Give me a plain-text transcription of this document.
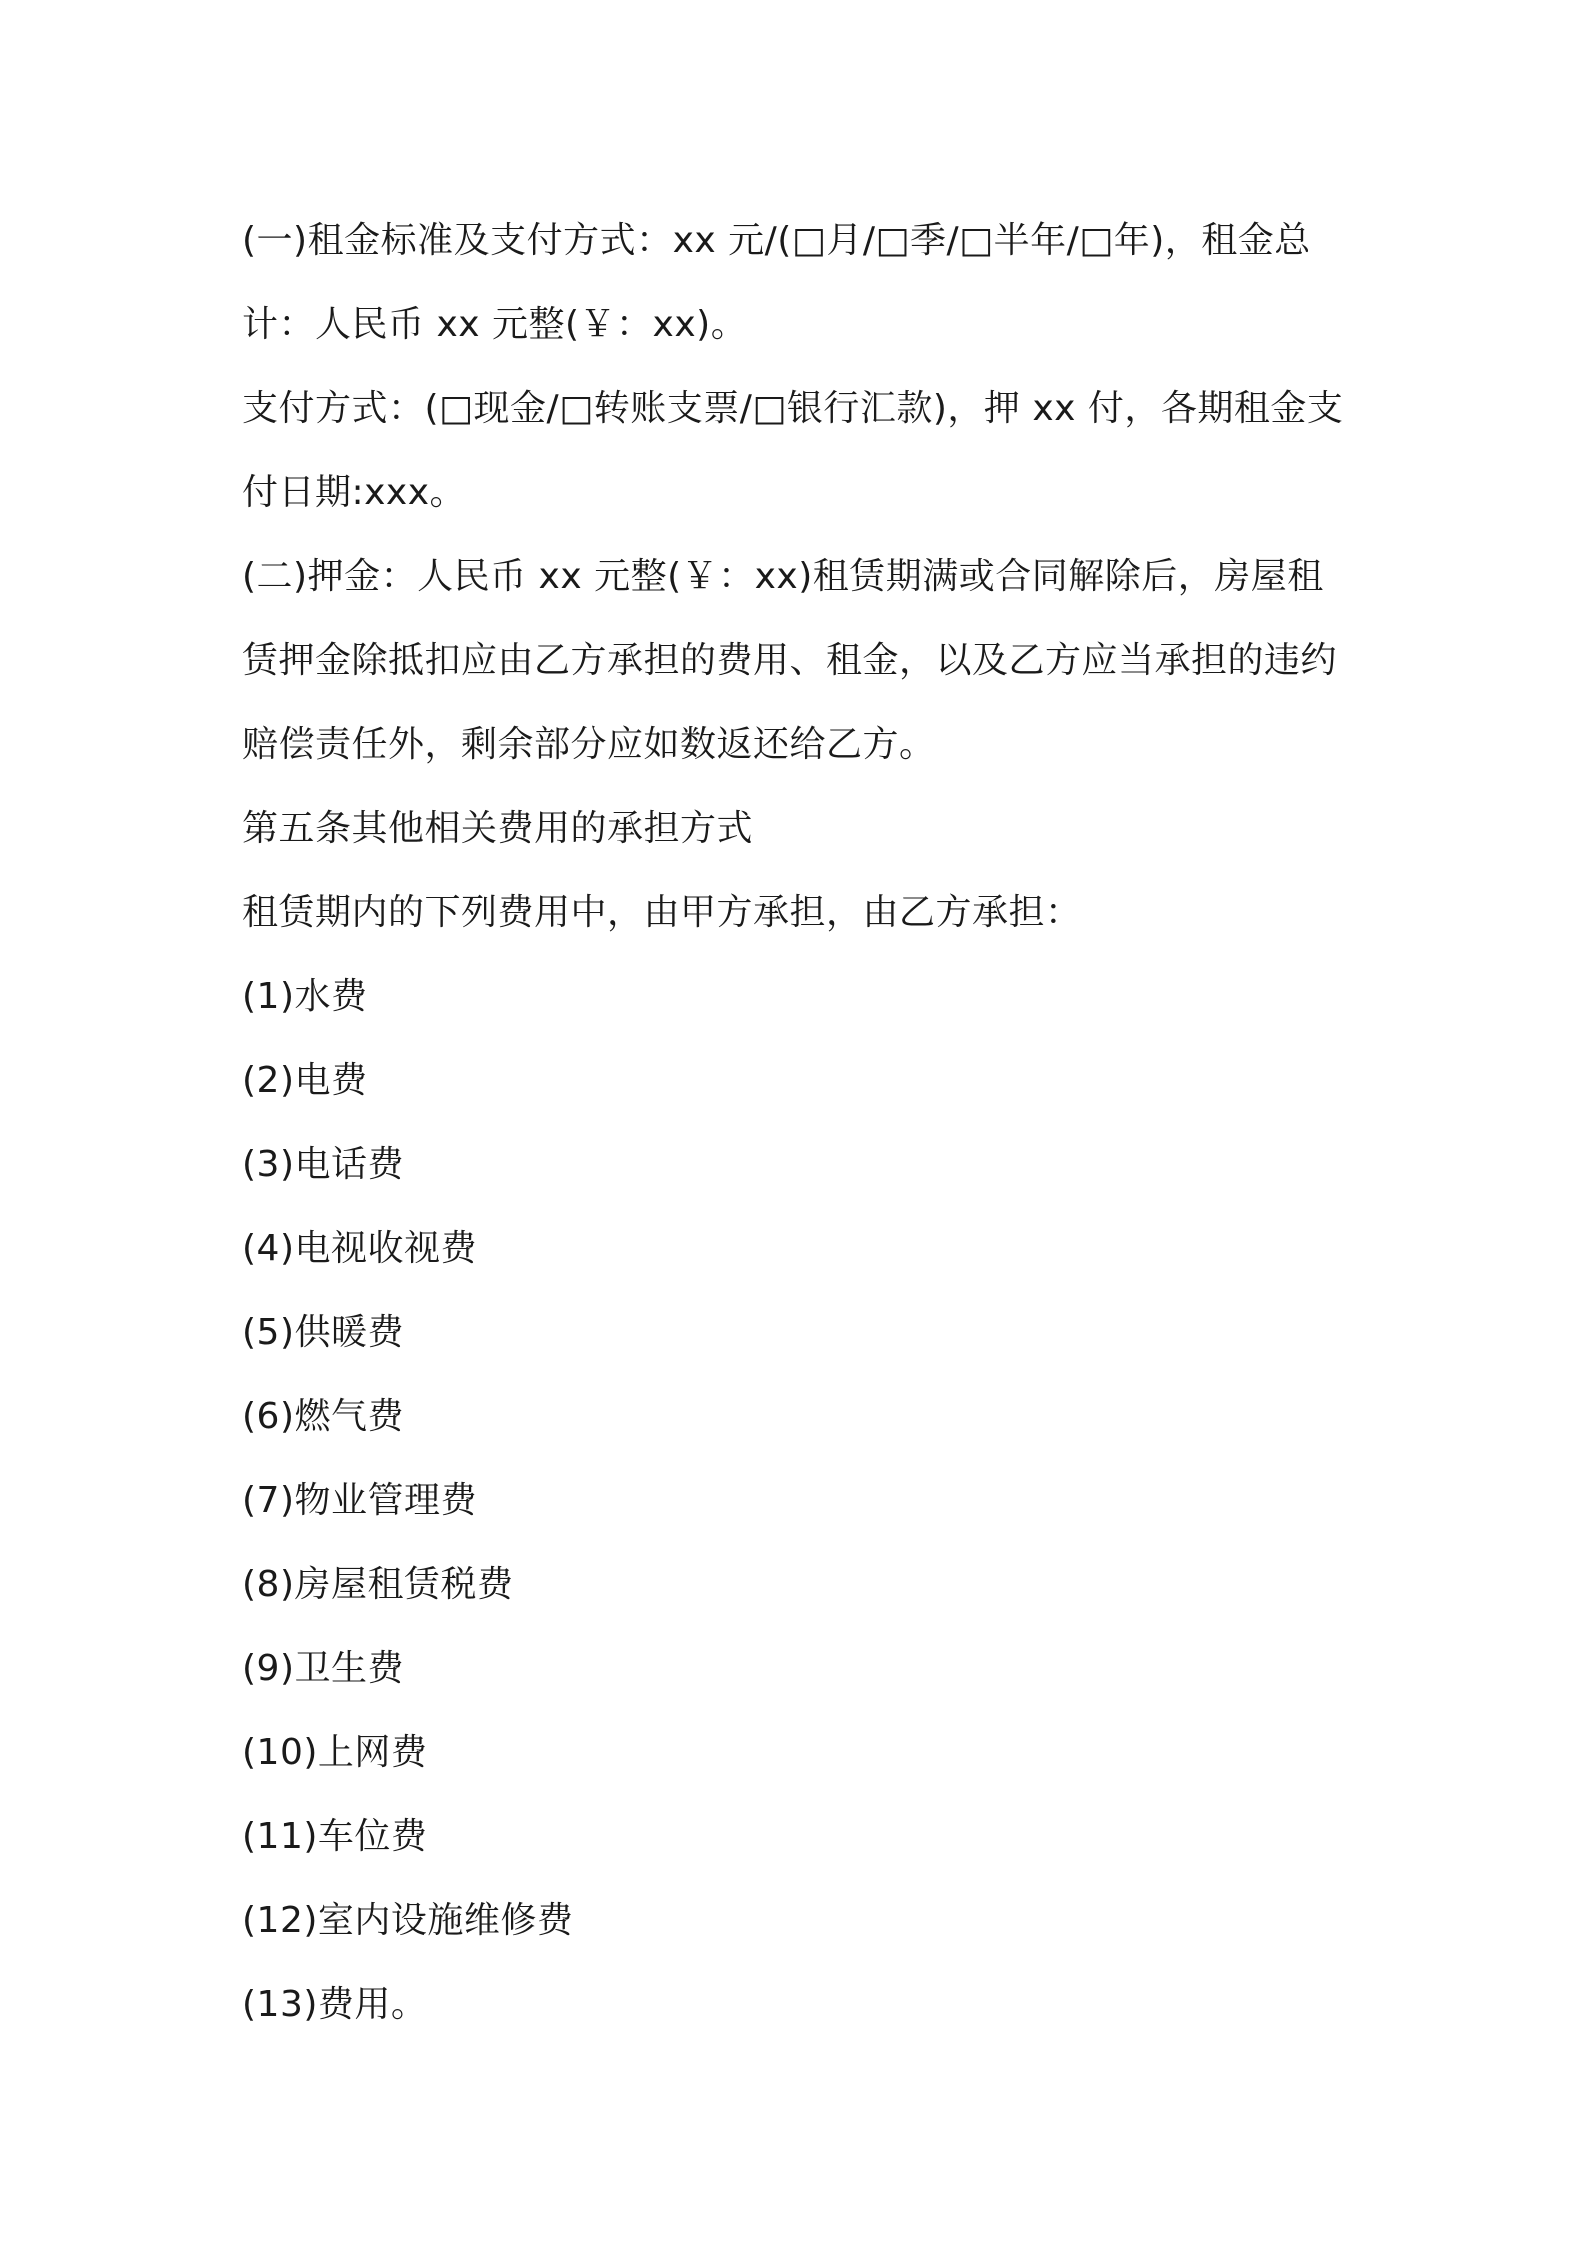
(一)租金标准及支付方式：xx 元/(□月/□季/□半年/□年)，租金总计：人民币 xx 元整(￥：xx)。

支付方式：(□现金/□转账支票/□银行汇款)，押 xx 付，各期租金支付日期:xxx。

(二)押金：人民币 xx 元整(￥：xx)租赁期满或合同解除后，房屋租赁押金除抵扣应由乙方承担的费用、租金，以及乙方应当承担的违约赔偿责任外，剩余部分应如数返还给乙方。

第五条其他相关费用的承担方式

租赁期内的下列费用中，由甲方承担，由乙方承担：

(1)水费

(2)电费

(3)电话费

(4)电视收视费

(5)供暖费

(6)燃气费

(7)物业管理费

(8)房屋租赁税费

(9)卫生费

(10)上网费

(11)车位费

(12)室内设施维修费

(13)费用。
